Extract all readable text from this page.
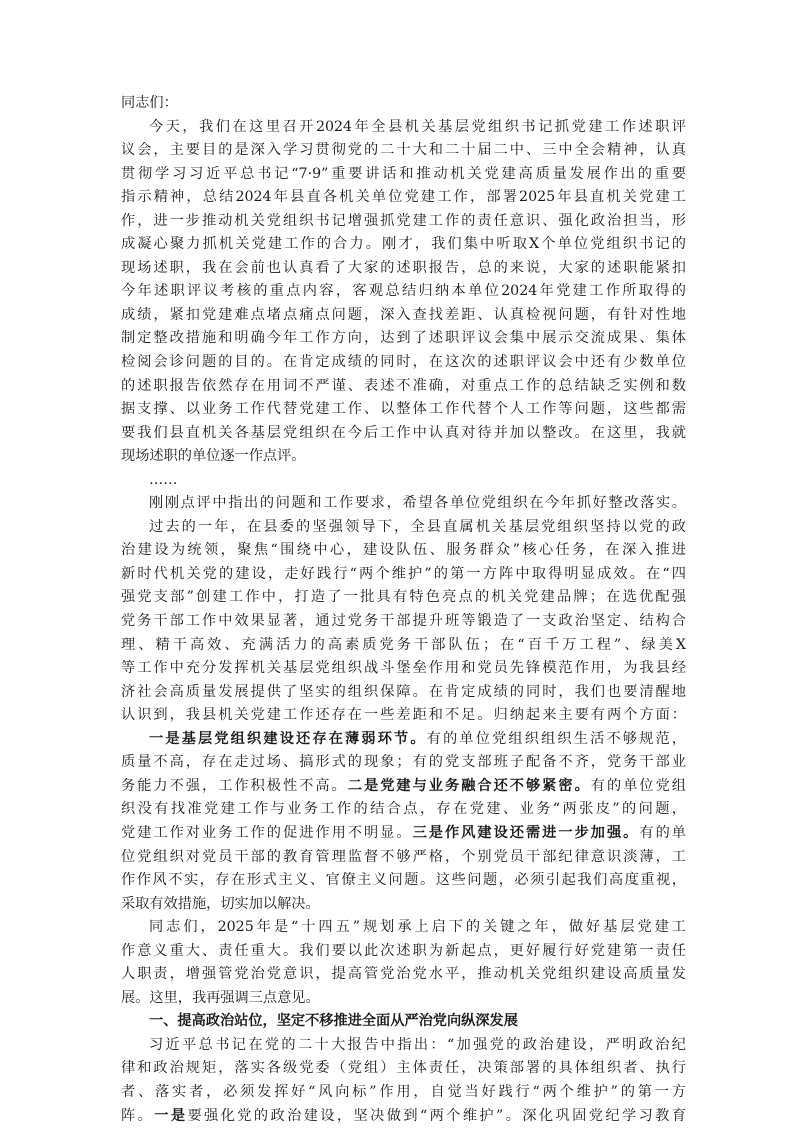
同志们：
今天，我们在这里召开2024年全县机关基层党组织书记抓党建工作述职评
议会，主要目的是深入学习贯彻党的二十大和二十届二中、三中全会精神，认真
贯彻学习习近平总书记“7·9”重要讲话和推动机关党建高质量发展作出的重要
指示精神，总结2024年县直各机关单位党建工作，部署2025年县直机关党建工
作，进一步推动机关党组织书记增强抓党建工作的责任意识、强化政治担当，形
成凝心聚力抓机关党建工作的合力。刚才，我们集中听取X个单位党组织书记的
现场述职，我在会前也认真看了大家的述职报告，总的来说，大家的述职能紧扣
今年述职评议考核的重点内容，客观总结归纳本单位2024年党建工作所取得的
成绩，紧扣党建难点堵点痛点问题，深入查找差距、认真检视问题，有针对性地
制定整改措施和明确今年工作方向，达到了述职评议会集中展示交流成果、集体
检阅会诊问题的目的。在肯定成绩的同时，在这次的述职评议会中还有少数单位
的述职报告依然存在用词不严谨、表述不准确，对重点工作的总结缺乏实例和数
据支撑、以业务工作代替党建工作、以整体工作代替个人工作等问题，这些都需
要我们县直机关各基层党组织在今后工作中认真对待并加以整改。在这里，我就
现场述职的单位逐一作点评。
……
刚刚点评中指出的问题和工作要求，希望各单位党组织在今年抓好整改落实。
过去的一年，在县委的坚强领导下，全县直属机关基层党组织坚持以党的政
治建设为统领，聚焦“围绕中心，建设队伍、服务群众”核心任务，在深入推进
新时代机关党的建设，走好践行“两个维护”的第一方阵中取得明显成效。在“四
强党支部”创建工作中，打造了一批具有特色亮点的机关党建品牌；在选优配强
党务干部工作中效果显著，通过党务干部提升班等锻造了一支政治坚定、结构合
理、精干高效、充满活力的高素质党务干部队伍；在“百千万工程”、绿美X
等工作中充分发挥机关基层党组织战斗堡垒作用和党员先锋模范作用，为我县经
济社会高质量发展提供了坚实的组织保障。在肯定成绩的同时，我们也要清醒地
认识到，我县机关党建工作还存在一些差距和不足。归纳起来主要有两个方面：
一是基层党组织建设还存在薄弱环节。有的单位党组织组织生活不够规范，
质量不高，存在走过场、搞形式的现象；有的党支部班子配备不齐，党务干部业
务能力不强，工作积极性不高。二是党建与业务融合还不够紧密。有的单位党组
织没有找准党建工作与业务工作的结合点，存在党建、业务“两张皮”的问题，
党建工作对业务工作的促进作用不明显。三是作风建设还需进一步加强。有的单
位党组织对党员干部的教育管理监督不够严格，个别党员干部纪律意识淡薄，工
作作风不实，存在形式主义、官僚主义问题。这些问题，必须引起我们高度重视，
采取有效措施，切实加以解决。
同志们，2025年是“十四五”规划承上启下的关键之年，做好基层党建工
作意义重大、责任重大。我们要以此次述职为新起点，更好履行好党建第一责任
人职责，增强管党治党意识，提高管党治党水平，推动机关党组织建设高质量发
展。这里，我再强调三点意见。
一、提高政治站位，坚定不移推进全面从严治党向纵深发展
习近平总书记在党的二十大报告中指出：“加强党的政治建设，严明政治纪
律和政治规矩，落实各级党委（党组）主体责任，决策部署的具体组织者、执行
者、落实者，必须发挥好“风向标”作用，自觉当好践行“两个维护”的第一方
阵。一是要强化党的政治建设，坚决做到“两个维护”。深化巩固党纪学习教育
